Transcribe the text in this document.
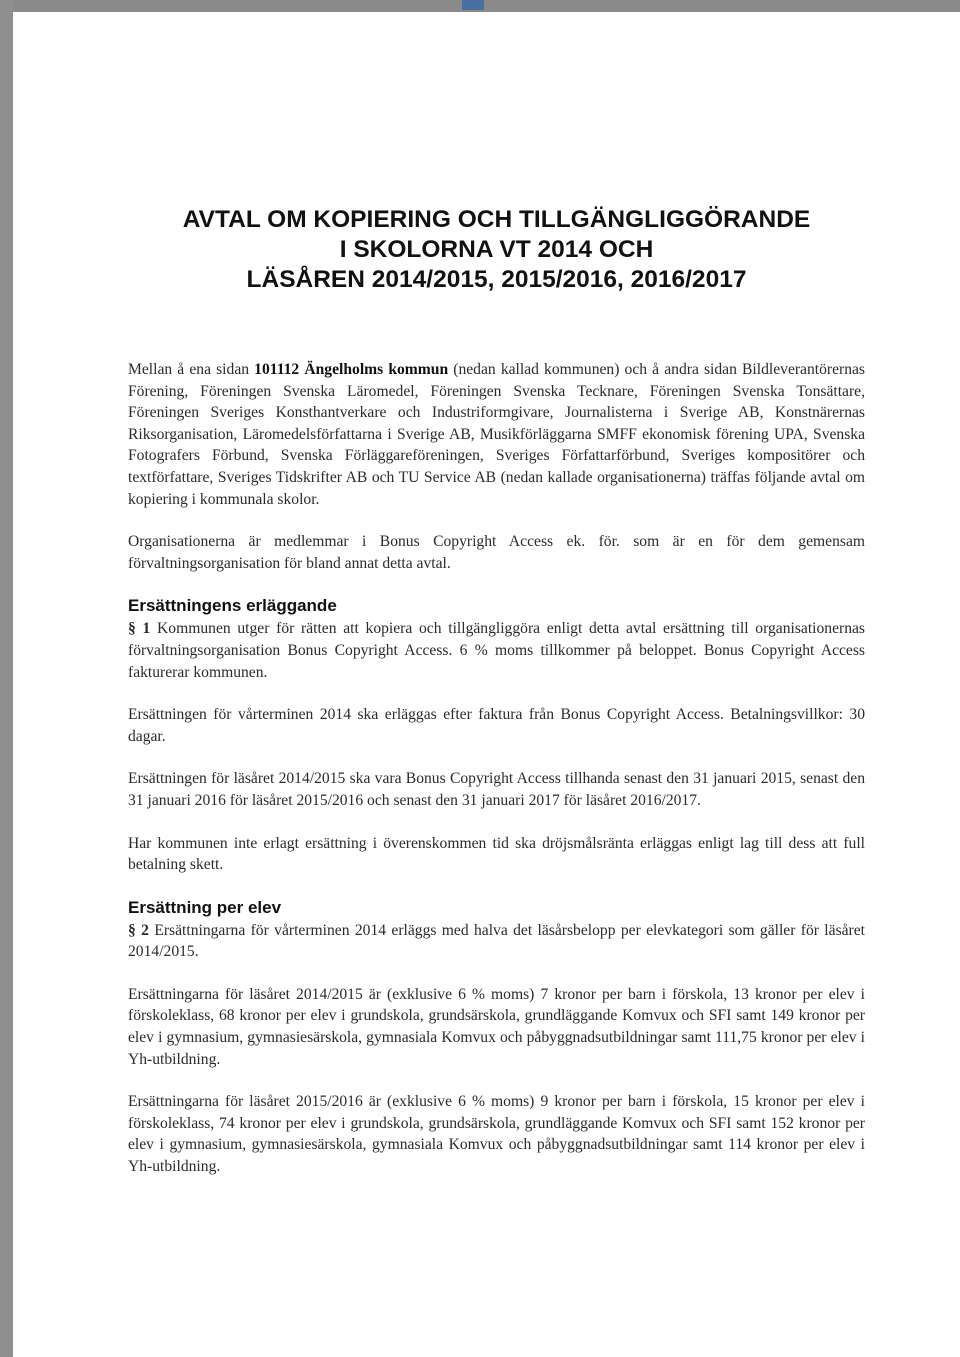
AVTAL OM KOPIERING OCH TILLGÄNGLIGGÖRANDE
I SKOLORNA VT 2014 OCH
LÄSÅREN 2014/2015, 2015/2016, 2016/2017

Mellan å ena sidan 101112 Ängelholms kommun (nedan kallad kommunen) och å andra sidan Bildleverantörernas Förening, Föreningen Svenska Läromedel, Föreningen Svenska Tecknare, Föreningen Svenska Tonsättare, Föreningen Sveriges Konsthantverkare och Industriformgivare, Journalisterna i Sverige AB, Konstnärernas Riksorganisation, Läromedelsförfattarna i Sverige AB, Musikförläggarna SMFF ekonomisk förening UPA, Svenska Fotografers Förbund, Svenska Förläggareföreningen, Sveriges Författarförbund, Sveriges kompositörer och textförfattare, Sveriges Tidskrifter AB och TU Service AB (nedan kallade organisationerna) träffas följande avtal om kopiering i kommunala skolor.

Organisationerna är medlemmar i Bonus Copyright Access ek. för. som är en för dem gemensam förvaltningsorganisation för bland annat detta avtal.

Ersättningens erläggande

§ 1 Kommunen utger för rätten att kopiera och tillgängliggöra enligt detta avtal ersättning till organisationernas förvaltningsorganisation Bonus Copyright Access. 6 % moms tillkommer på beloppet. Bonus Copyright Access fakturerar kommunen.

Ersättningen för vårterminen 2014 ska erläggas efter faktura från Bonus Copyright Access. Betalningsvillkor: 30 dagar.

Ersättningen för läsåret 2014/2015 ska vara Bonus Copyright Access tillhanda senast den 31 januari 2015, senast den 31 januari 2016 för läsåret 2015/2016 och senast den 31 januari 2017 för läsåret 2016/2017.

Har kommunen inte erlagt ersättning i överenskommen tid ska dröjsmålsränta erläggas enligt lag till dess att full betalning skett.

Ersättning per elev

§ 2 Ersättningarna för vårterminen 2014 erläggs med halva det läsårsbelopp per elevkategori som gäller för läsåret 2014/2015.

Ersättningarna för läsåret 2014/2015 är (exklusive 6 % moms) 7 kronor per barn i förskola, 13 kronor per elev i förskoleklass, 68 kronor per elev i grundskola, grundsärskola, grundläggande Komvux och SFI samt 149 kronor per elev i gymnasium, gymnasiesärskola, gymnasiala Komvux och påbyggnadsutbildningar samt 111,75 kronor per elev i Yh-utbildning.

Ersättningarna för läsåret 2015/2016 är (exklusive 6 % moms) 9 kronor per barn i förskola, 15 kronor per elev i förskoleklass, 74 kronor per elev i grundskola, grundsärskola, grundläggande Komvux och SFI samt 152 kronor per elev i gymnasium, gymnasiesärskola, gymnasiala Komvux och påbyggnadsutbildningar samt 114 kronor per elev i Yh-utbildning.
